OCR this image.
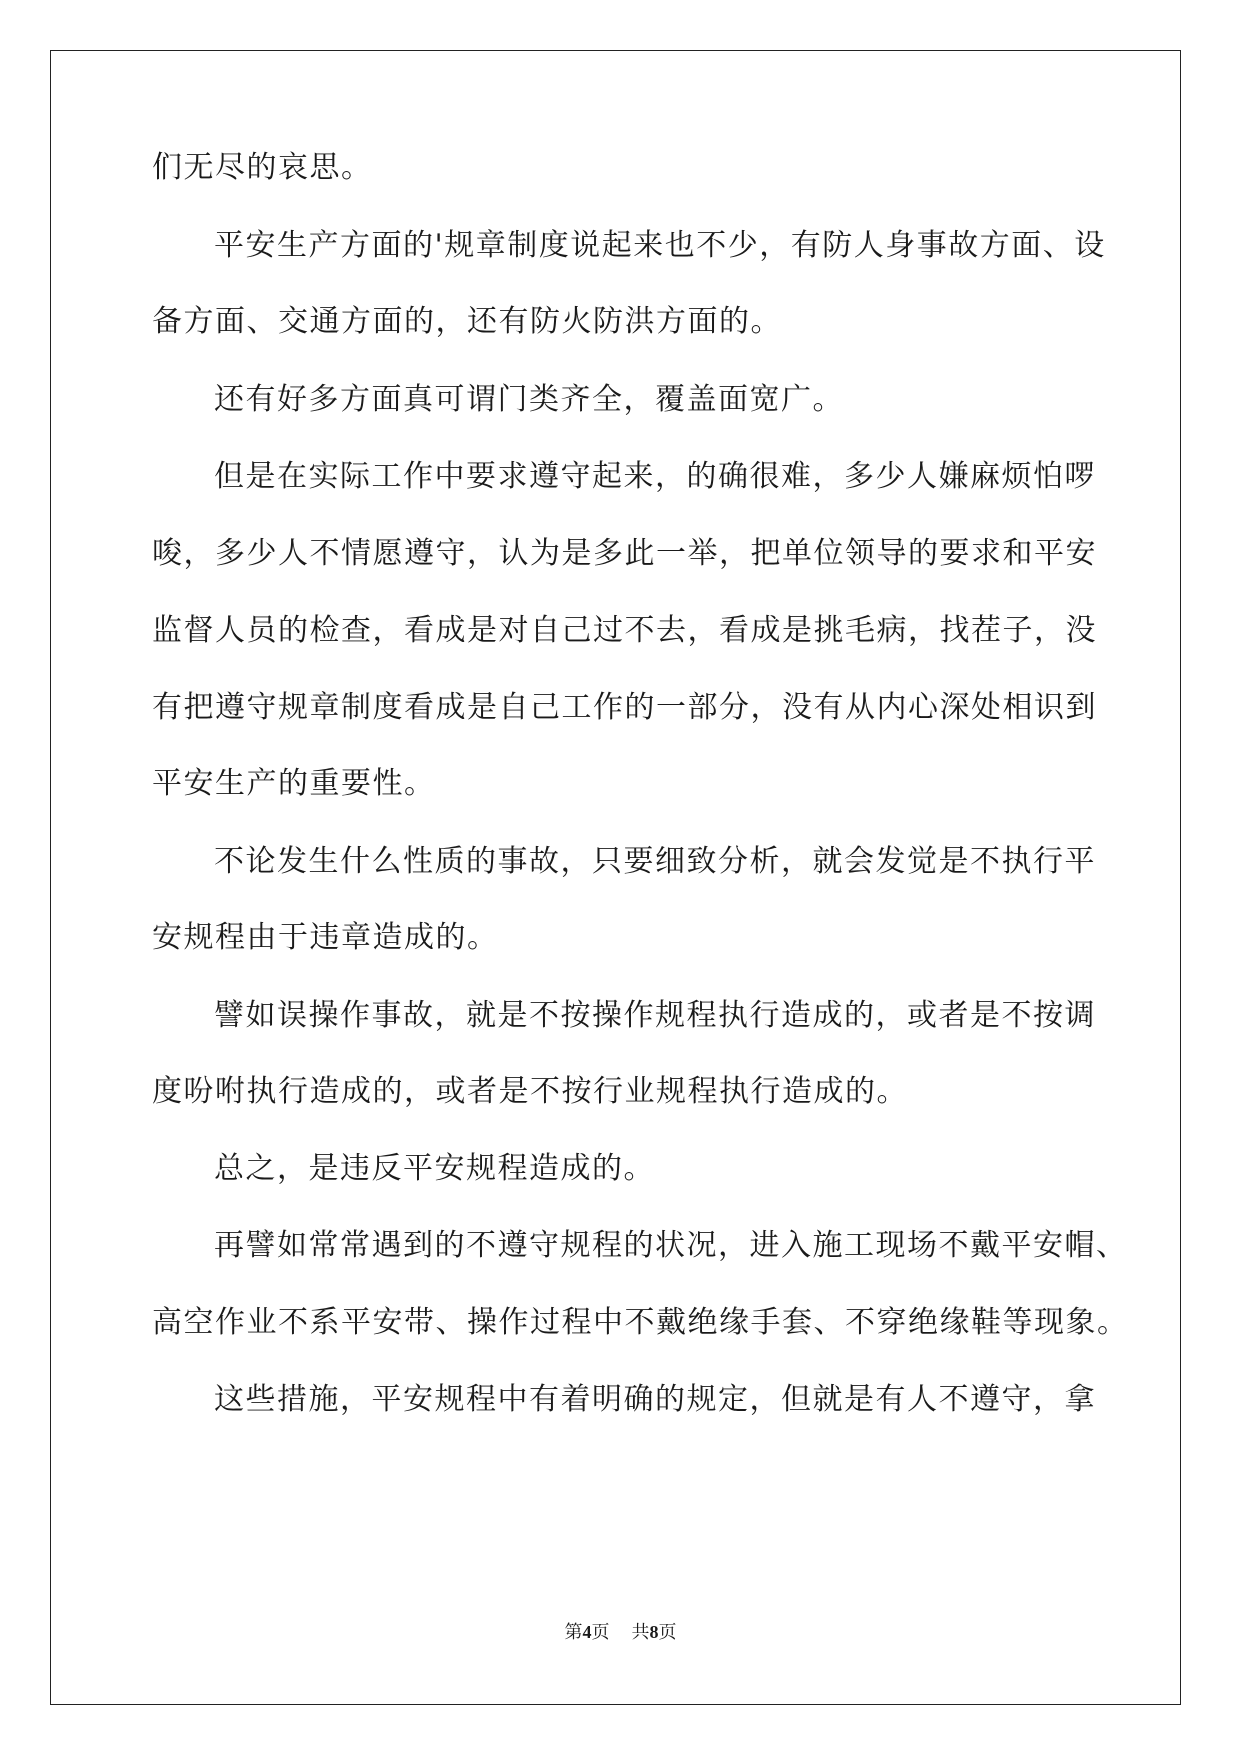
们无尽的哀思。
平安生产方面的'规章制度说起来也不少，有防人身事故方面、设
备方面、交通方面的，还有防火防洪方面的。
还有好多方面真可谓门类齐全，覆盖面宽广。
但是在实际工作中要求遵守起来，的确很难，多少人嫌麻烦怕啰
唆，多少人不情愿遵守，认为是多此一举，把单位领导的要求和平安
监督人员的检查，看成是对自己过不去，看成是挑毛病，找茬子，没
有把遵守规章制度看成是自己工作的一部分，没有从内心深处相识到
平安生产的重要性。
不论发生什么性质的事故，只要细致分析，就会发觉是不执行平
安规程由于违章造成的。
譬如误操作事故，就是不按操作规程执行造成的，或者是不按调
度吩咐执行造成的，或者是不按行业规程执行造成的。
总之，是违反平安规程造成的。
再譬如常常遇到的不遵守规程的状况，进入施工现场不戴平安帽、
高空作业不系平安带、操作过程中不戴绝缘手套、不穿绝缘鞋等现象。
这些措施，平安规程中有着明确的规定，但就是有人不遵守，拿
第4页 共8页
